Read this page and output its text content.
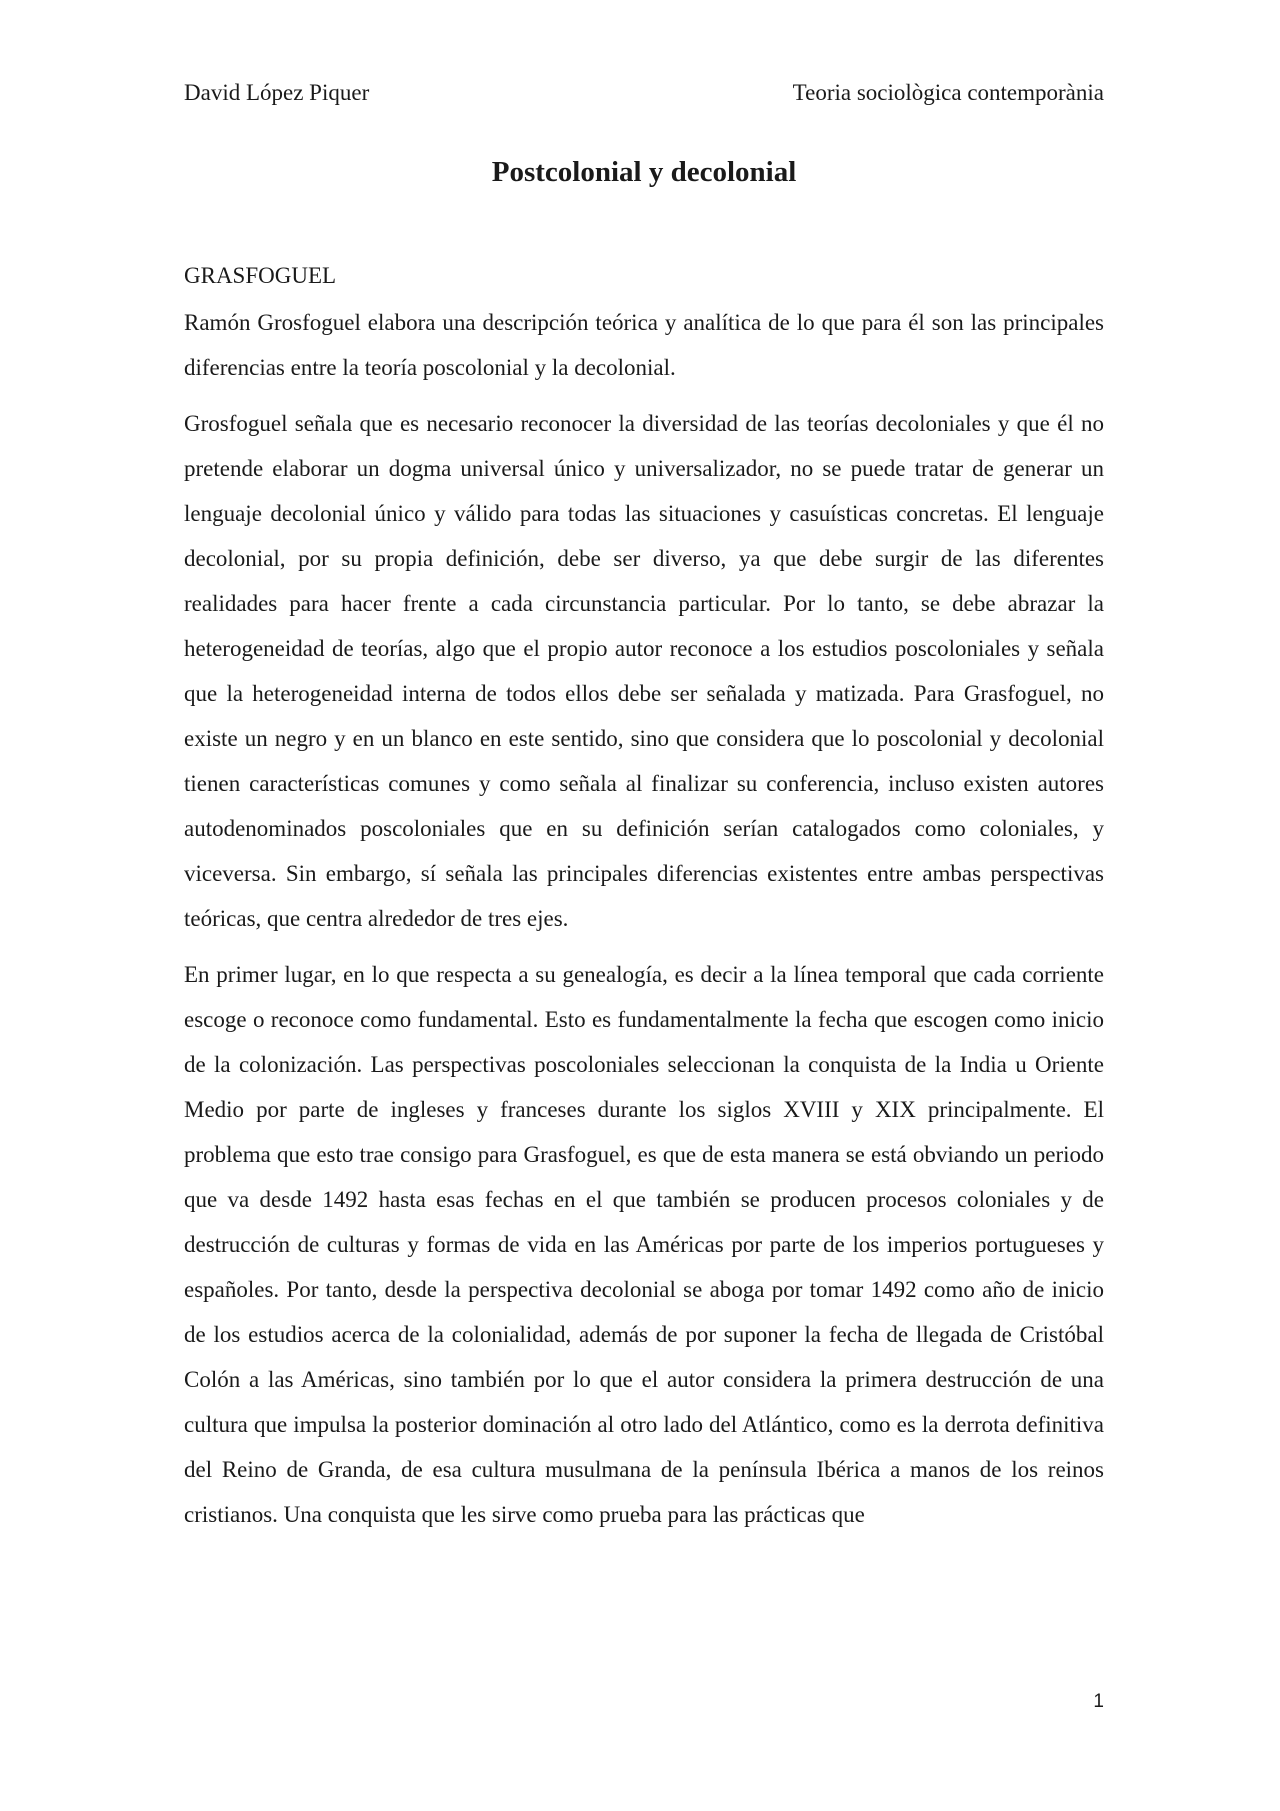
David López Piquer	Teoria sociològica contemporània
Postcolonial y decolonial
GRASFOGUEL

Ramón Grosfoguel elabora una descripción teórica y analítica de lo que para él son las principales diferencias entre la teoría poscolonial y la decolonial.

Grosfoguel señala que es necesario reconocer la diversidad de las teorías decoloniales y que él no pretende elaborar un dogma universal único y universalizador, no se puede tratar de generar un lenguaje decolonial único y válido para todas las situaciones y casuísticas concretas. El lenguaje decolonial, por su propia definición, debe ser diverso, ya que debe surgir de las diferentes realidades para hacer frente a cada circunstancia particular. Por lo tanto, se debe abrazar la heterogeneidad de teorías, algo que el propio autor reconoce a los estudios poscoloniales y señala que la heterogeneidad interna de todos ellos debe ser señalada y matizada. Para Grasfoguel, no existe un negro y en un blanco en este sentido, sino que considera que lo poscolonial y decolonial tienen características comunes y como señala al finalizar su conferencia, incluso existen autores autodenominados poscoloniales que en su definición serían catalogados como coloniales, y viceversa. Sin embargo, sí señala las principales diferencias existentes entre ambas perspectivas teóricas, que centra alrededor de tres ejes.

En primer lugar, en lo que respecta a su genealogía, es decir a la línea temporal que cada corriente escoge o reconoce como fundamental. Esto es fundamentalmente la fecha que escogen como inicio de la colonización. Las perspectivas poscoloniales seleccionan la conquista de la India u Oriente Medio por parte de ingleses y franceses durante los siglos XVIII y XIX principalmente. El problema que esto trae consigo para Grasfoguel, es que de esta manera se está obviando un periodo que va desde 1492 hasta esas fechas en el que también se producen procesos coloniales y de destrucción de culturas y formas de vida en las Américas por parte de los imperios portugueses y españoles. Por tanto, desde la perspectiva decolonial se aboga por tomar 1492 como año de inicio de los estudios acerca de la colonialidad, además de por suponer la fecha de llegada de Cristóbal Colón a las Américas, sino también por lo que el autor considera la primera destrucción de una cultura que impulsa la posterior dominación al otro lado del Atlántico, como es la derrota definitiva del Reino de Granda, de esa cultura musulmana de la península Ibérica a manos de los reinos cristianos. Una conquista que les sirve como prueba para las prácticas que

1
